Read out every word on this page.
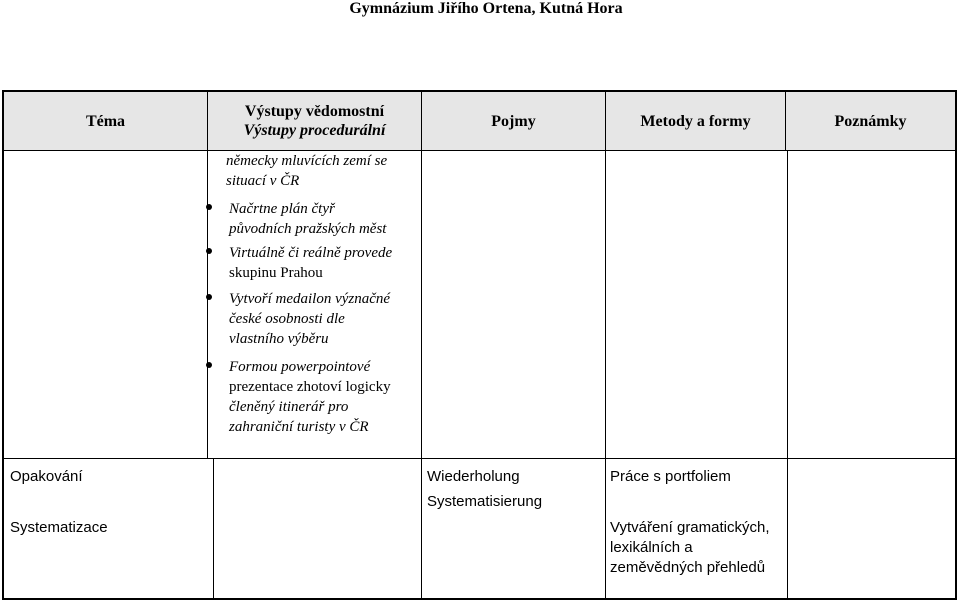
Gymnázium Jiřího Ortena, Kutná Hora
Téma
Výstupy vědomostní
Výstupy procedurální
Pojmy	Metody a formy	Poznámky
německy mluvících zemí se
situací v ČR
Načrtne plán čtyř
původních pražských měst
Virtuálně či reálně provede
skupinu Prahou
Vytvoří medailon význačné
české osobnosti dle
vlastního výběru
Formou powerpointové
prezentace zhotoví logicky
členěný itinerář pro
zahraniční turisty v ČR
Opakování
Systematizace
Wiederholung
Systematisierung
Práce s portfoliem
Vytváření gramatických,
lexikálních a
zeměvědných přehledů
